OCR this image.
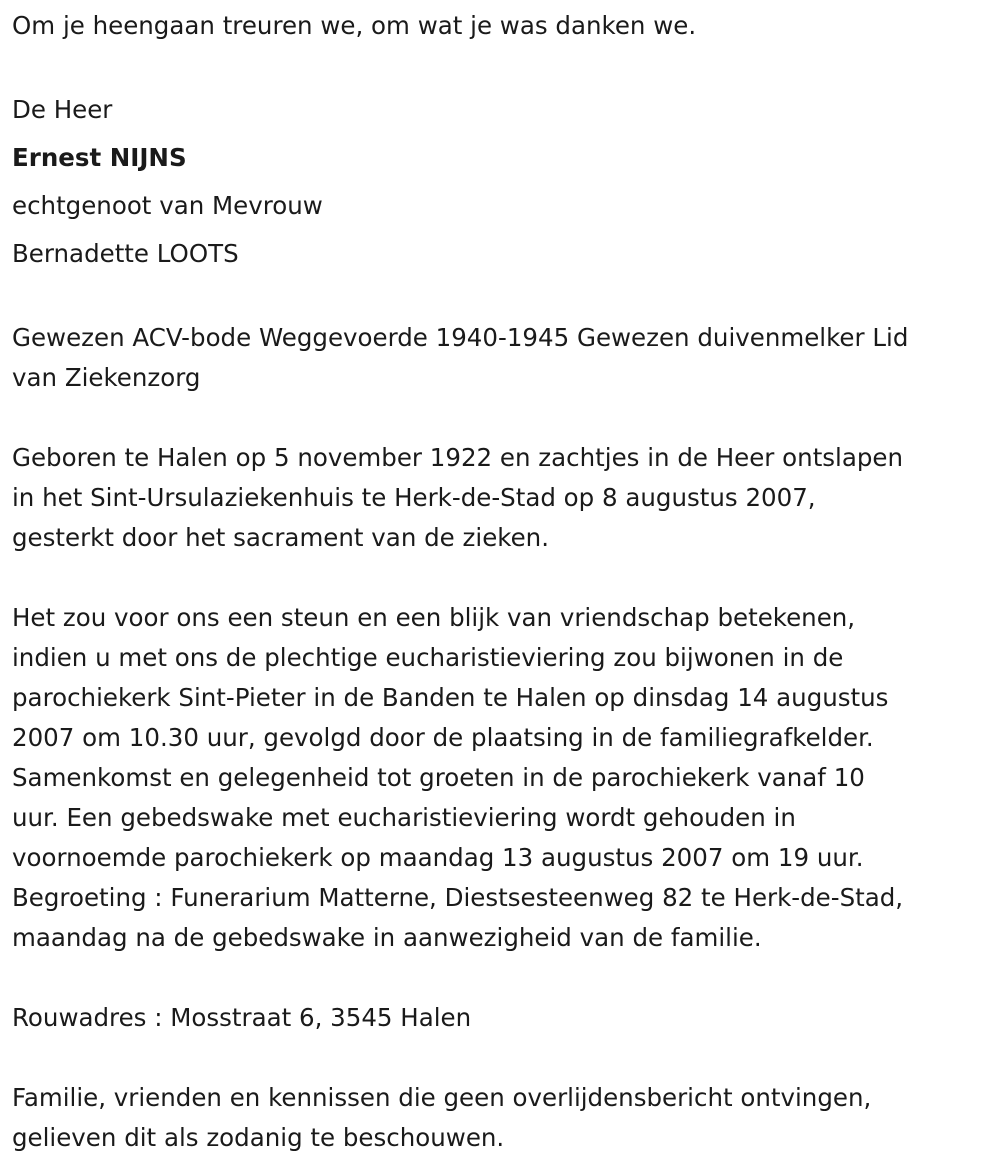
Om je heengaan treuren we, om wat je was danken we.

De Heer

Ernest NIJNS

echtgenoot van Mevrouw

Bernadette LOOTS

Gewezen ACV-bode Weggevoerde 1940-1945 Gewezen duivenmelker Lid

van Ziekenzorg

Geboren te Halen op 5 november 1922 en zachtjes in de Heer ontslapen

in het Sint-Ursulaziekenhuis te Herk-de-Stad op 8 augustus 2007,

gesterkt door het sacrament van de zieken.

Het zou voor ons een steun en een blijk van vriendschap betekenen,

indien u met ons de plechtige eucharistieviering zou bijwonen in de

parochiekerk Sint-Pieter in de Banden te Halen op dinsdag 14 augustus

2007 om 10.30 uur, gevolgd door de plaatsing in de familiegrafkelder.

Samenkomst en gelegenheid tot groeten in de parochiekerk vanaf 10

uur. Een gebedswake met eucharistieviering wordt gehouden in

voornoemde parochiekerk op maandag 13 augustus 2007 om 19 uur.

Begroeting : Funerarium Matterne, Diestsesteenweg 82 te Herk-de-Stad,

maandag na de gebedswake in aanwezigheid van de familie.

Rouwadres : Mosstraat 6, 3545 Halen

Familie, vrienden en kennissen die geen overlijdensbericht ontvingen,

gelieven dit als zodanig te beschouwen.
